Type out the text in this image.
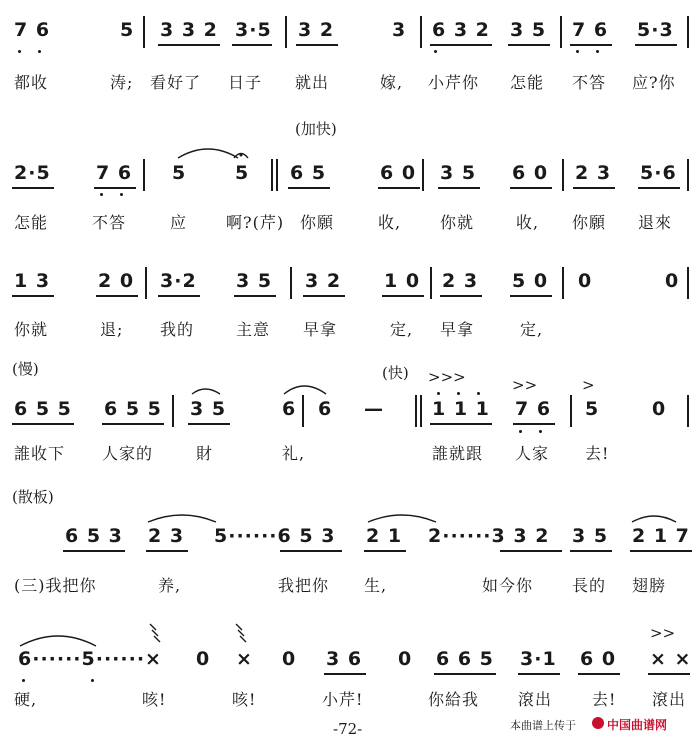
7 6	5 3 3 2 3·5 3 2	3 6 3 2 3 5 7 6 5·3
都收	涛; 看好了 日子 就出	嫁, 小芹你 怎能 不答 应?你
(加快)
2·5 7 6 5	5 6 5	6 0 3 5 6 0 2 3 5·6
怎能	不答	应 啊?(芹) 你願	收, 你就	收, 你願 退來
1 3	2 0 3·2 3 5 3 2 1 0 2 3 5 0 0	0
你就	退; 我的	主意 早拿	定, 早拿	定,
(慢)	(快) >>>	>>	>
6 5 5 6 5 5 3 5	6 6 —	1 1 1 7 6 5	0
誰收下 人家的	財	礼,	誰就跟 人家 去!
(散板)
6 5 3 2 3 5······6 5 3 2 1 2······3 3 2 3 5 2 1 7
(三)我把你	养,	我把你 生,	如今你 長的 翅膀
>>
6······5······× 0 × 0 3 6 0 6 6 5 3·1 6 0 × ×
硬,	咳!	咳!	小芹!	你給我 滾出 去! 滾出
-72-	本曲谱上传于	中国曲谱网
